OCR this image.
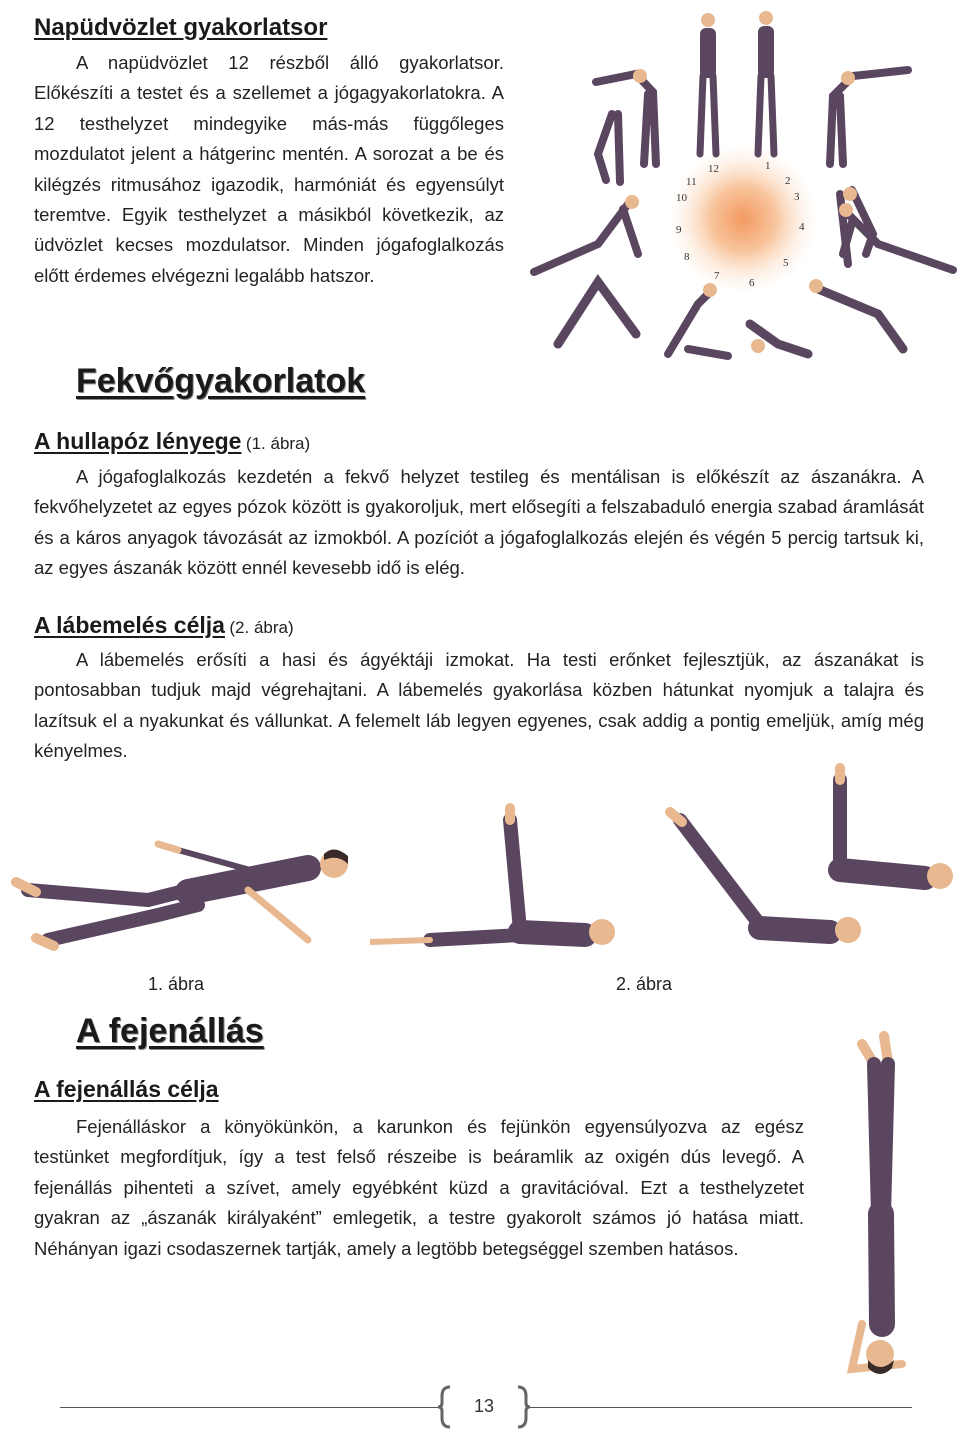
Napüdvözlet gyakorlatsor
A napüdvözlet 12 részből álló gyakorlatsor. Előkészíti a testet és a szellemet a jógagyakorlatokra. A 12 testhelyzet mindegyike más-más függőleges mozdulatot jelent a hátgerinc mentén. A sorozat a be és kilégzés ritmusához igazodik, harmóniát és egyensúlyt teremtve. Egyik testhelyzet a másikból következik, az üdvözlet kecses mozdulatsor. Minden jógafoglalkozás előtt érdemes elvégezni legalább hatszor.
1
2
3
4
5
6
7
8
9
10
11
12
Fekvőgyakorlatok
A hullapóz lényege (1. ábra)
A jógafoglalkozás kezdetén a fekvő helyzet testileg és mentálisan is előkészít az ászanákra. A fekvőhelyzetet az egyes pózok között is gyakoroljuk, mert elősegíti a felszabaduló energia szabad áramlását és a káros anyagok távozását az izmokból. A pozíciót a jógafoglalkozás elején és végén 5 percig tartsuk ki, az egyes ászanák között ennél kevesebb idő is elég.
A lábemelés célja (2. ábra)
A lábemelés erősíti a hasi és ágyéktáji izmokat. Ha testi erőnket fejlesztjük, az ászanákat is pontosabban tudjuk majd végrehajtani. A lábemelés gyakorlása közben hátunkat nyomjuk a talajra és lazítsuk el a nyakunkat és vállunkat. A felemelt láb legyen egyenes, csak addig a pontig emeljük, amíg még kényelmes.
1. ábra	2. ábra
A fejenállás
A fejenállás célja
Fejenálláskor a könyökünkön, a karunkon és fejünkön egyensúlyozva az egész testünket megfordítjuk, így a test felső részeibe is beáramlik az oxigén dús levegő. A fejenállás pihenteti a szívet, amely egyébként küzd a gravitációval. Ezt a testhelyzetet gyakran az „ászanák királyaként” emlegetik, a testre gyakorolt számos jó hatása miatt. Néhányan igazi csodaszernek tartják, amely a legtöbb betegséggel szemben hatásos.
13
